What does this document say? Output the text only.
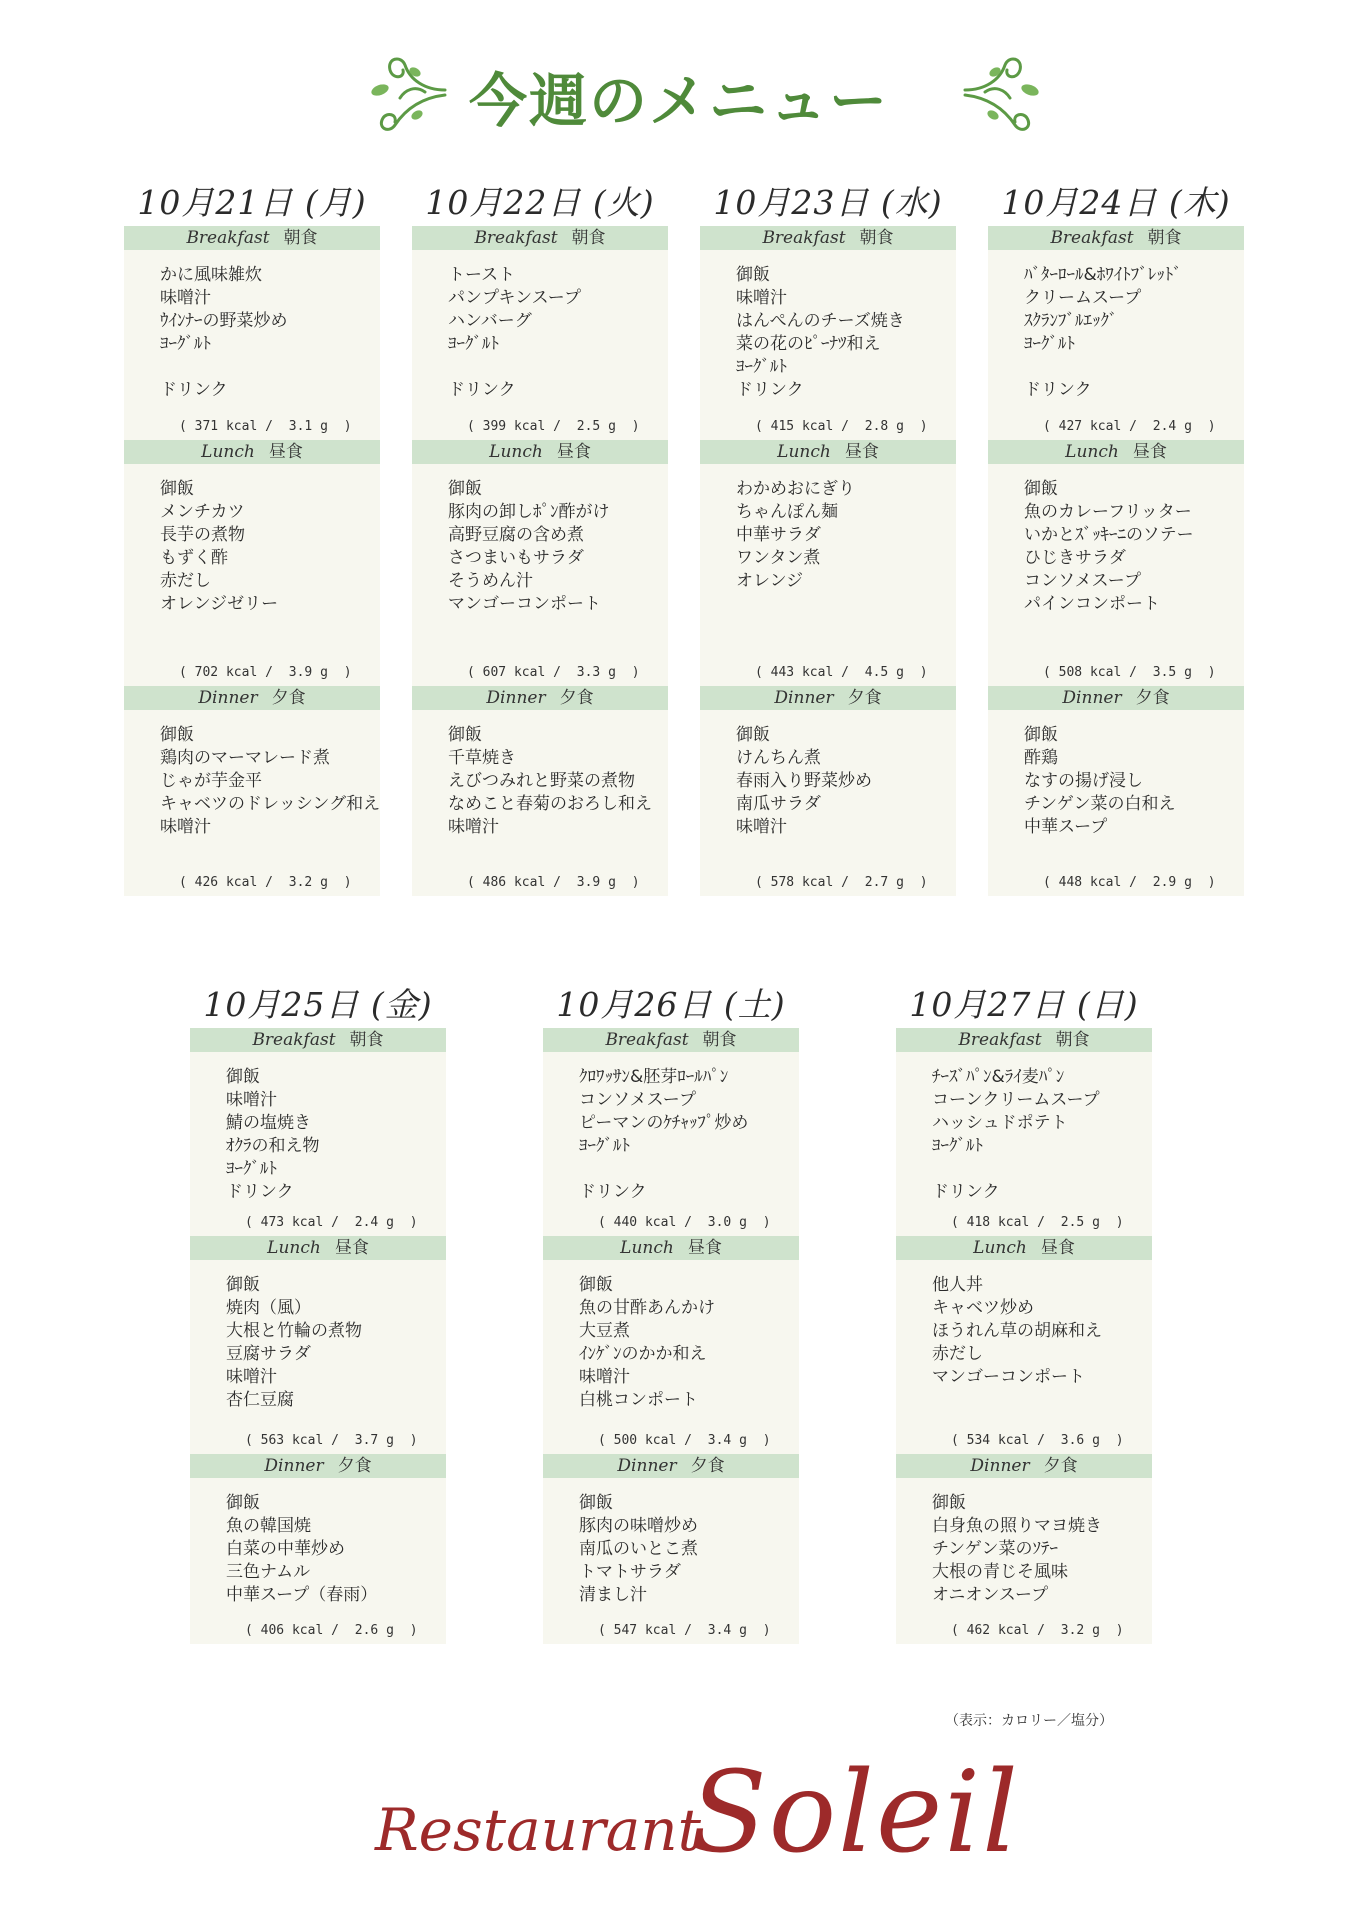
今週のメニュー
10月21日 (月)
Breakfast 朝食
かに風味雑炊
味噌汁
ｳｲﾝﾅｰの野菜炒め
ﾖｰｸﾞﾙﾄ

ドリンク
( 371 kcal / 3.1 g )
Lunch 昼食
御飯
メンチカツ
長芋の煮物
もずく酢
赤だし
オレンジゼリー
( 702 kcal / 3.9 g )
Dinner 夕食
御飯
鶏肉のマーマレード煮
じゃが芋金平
キャベツのドレッシング和え
味噌汁
( 426 kcal / 3.2 g )
10月22日 (火)
Breakfast 朝食
トースト
パンプキンスープ
ハンバーグ
ﾖｰｸﾞﾙﾄ

ドリンク
( 399 kcal / 2.5 g )
Lunch 昼食
御飯
豚肉の卸しﾎﾟﾝ酢がけ
高野豆腐の含め煮
さつまいもサラダ
そうめん汁
マンゴーコンポート
( 607 kcal / 3.3 g )
Dinner 夕食
御飯
千草焼き
えびつみれと野菜の煮物
なめこと春菊のおろし和え
味噌汁
( 486 kcal / 3.9 g )
10月23日 (水)
Breakfast 朝食
御飯
味噌汁
はんぺんのチーズ焼き
菜の花のﾋﾟｰﾅﾂ和え
ﾖｰｸﾞﾙﾄ
ドリンク
( 415 kcal / 2.8 g )
Lunch 昼食
わかめおにぎり
ちゃんぽん麺
中華サラダ
ワンタン煮
オレンジ
( 443 kcal / 4.5 g )
Dinner 夕食
御飯
けんちん煮
春雨入り野菜炒め
南瓜サラダ
味噌汁
( 578 kcal / 2.7 g )
10月24日 (木)
Breakfast 朝食
ﾊﾞﾀｰﾛｰﾙ&ﾎﾜｲﾄﾌﾞﾚｯﾄﾞ
クリームスープ
ｽｸﾗﾝﾌﾞﾙｴｯｸﾞ
ﾖｰｸﾞﾙﾄ

ドリンク
( 427 kcal / 2.4 g )
Lunch 昼食
御飯
魚のカレーフリッター
いかとｽﾞｯｷｰﾆのソテー
ひじきサラダ
コンソメスープ
パインコンポート
( 508 kcal / 3.5 g )
Dinner 夕食
御飯
酢鶏
なすの揚げ浸し
チンゲン菜の白和え
中華スープ
( 448 kcal / 2.9 g )
10月25日 (金)
Breakfast 朝食
御飯
味噌汁
鯖の塩焼き
ｵｸﾗの和え物
ﾖｰｸﾞﾙﾄ
ドリンク
( 473 kcal / 2.4 g )
Lunch 昼食
御飯
焼肉（風）
大根と竹輪の煮物
豆腐サラダ
味噌汁
杏仁豆腐
( 563 kcal / 3.7 g )
Dinner 夕食
御飯
魚の韓国焼
白菜の中華炒め
三色ナムル
中華スープ（春雨）
( 406 kcal / 2.6 g )
10月26日 (土)
Breakfast 朝食
ｸﾛﾜｯｻﾝ&胚芽ﾛｰﾙﾊﾟﾝ
コンソメスープ
ピーマンのｹﾁｬｯﾌﾟ炒め
ﾖｰｸﾞﾙﾄ

ドリンク
( 440 kcal / 3.0 g )
Lunch 昼食
御飯
魚の甘酢あんかけ
大豆煮
ｲﾝｹﾞﾝのかか和え
味噌汁
白桃コンポート
( 500 kcal / 3.4 g )
Dinner 夕食
御飯
豚肉の味噌炒め
南瓜のいとこ煮
トマトサラダ
清まし汁
( 547 kcal / 3.4 g )
10月27日 (日)
Breakfast 朝食
ﾁｰｽﾞﾊﾟﾝ&ﾗｲ麦ﾊﾟﾝ
コーンクリームスープ
ハッシュドポテト
ﾖｰｸﾞﾙﾄ

ドリンク
( 418 kcal / 2.5 g )
Lunch 昼食
他人丼
キャベツ炒め
ほうれん草の胡麻和え
赤だし
マンゴーコンポート
( 534 kcal / 3.6 g )
Dinner 夕食
御飯
白身魚の照りマヨ焼き
チンゲン菜のｿﾃｰ
大根の青じそ風味
オニオンスープ
( 462 kcal / 3.2 g )
（表示：カロリー／塩分）
Restaurant
Soleil
